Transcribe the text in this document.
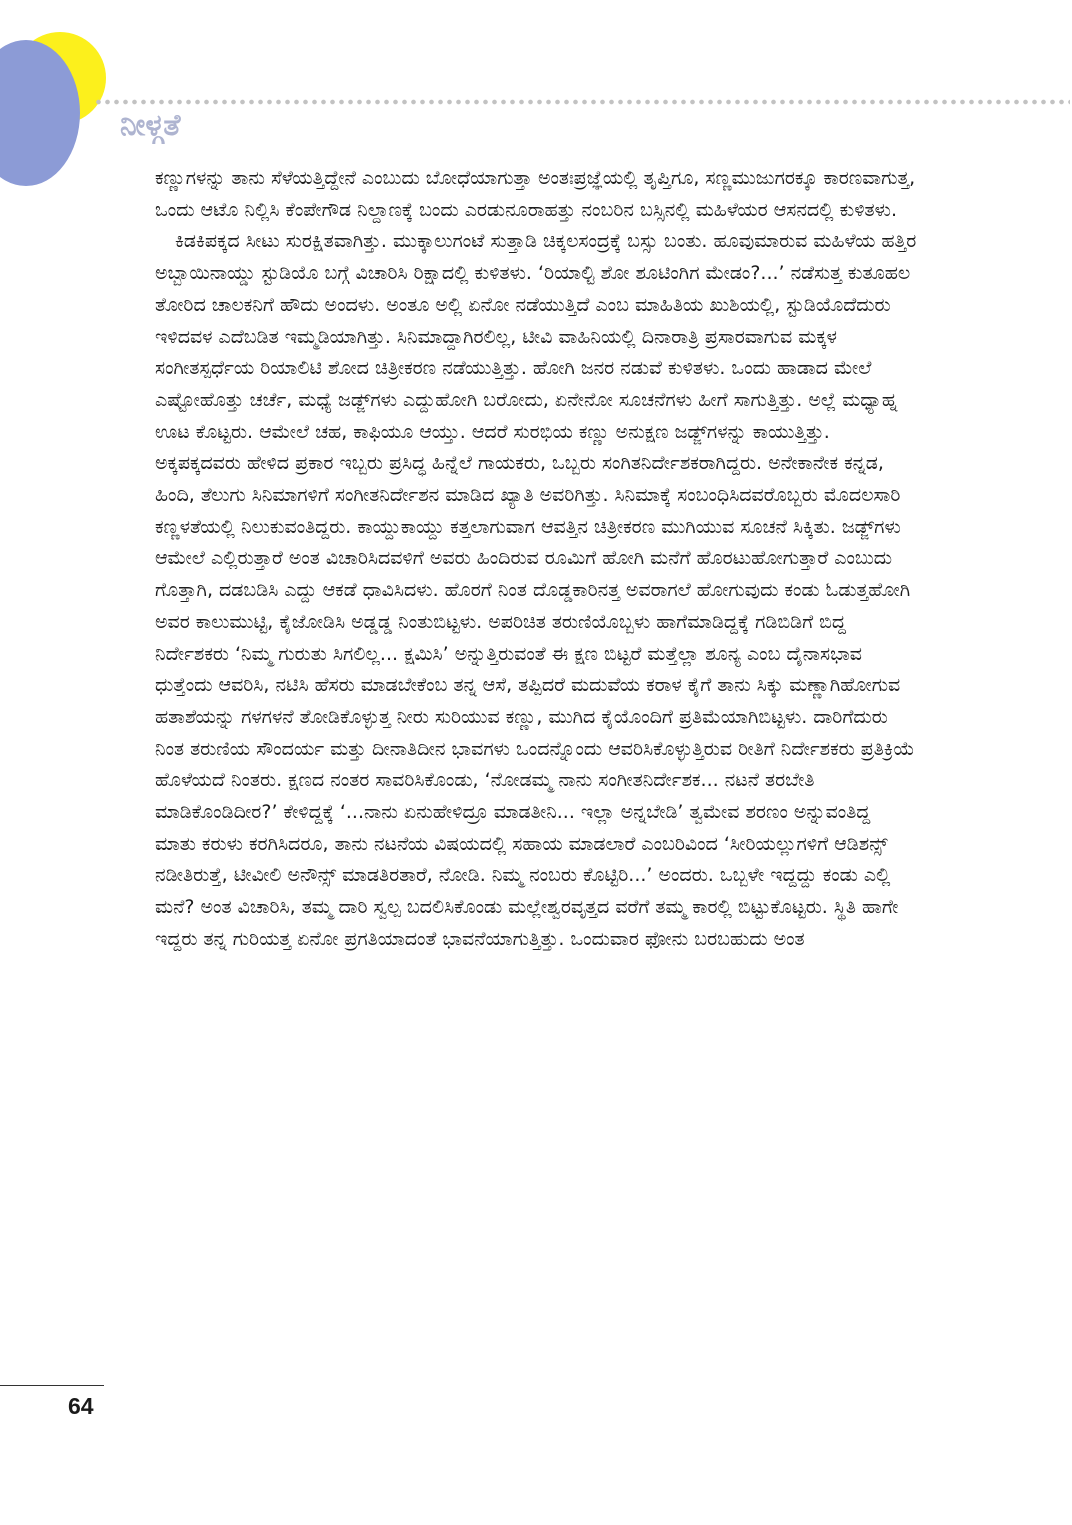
ನೀಳ್ಗತೆ

ಕಣ್ಣುಗಳನ್ನು ತಾನು ಸೆಳೆಯತ್ತಿದ್ದೇನೆ ಎಂಬುದು ಬೋಧೆಯಾಗುತ್ತಾ ಅಂತಃಪ್ರಜ್ಞೆಯಲ್ಲಿ ತೃಪ್ತಿಗೂ, ಸಣ್ಣಮುಜುಗರಕ್ಕೂ ಕಾರಣವಾಗುತ್ತ, ಒಂದು ಆಟೊ ನಿಲ್ಲಿಸಿ ಕೆಂಪೇಗೌಡ ನಿಲ್ದಾಣಕ್ಕೆ ಬಂದು ಎರಡುನೂರಾಹತ್ತು ನಂಬರಿನ ಬಸ್ಸಿನಲ್ಲಿ ಮಹಿಳೆಯರ ಆಸನದಲ್ಲಿ ಕುಳಿತಳು.

ಕಿಡಕಿಪಕ್ಕದ ಸೀಟು ಸುರಕ್ಷಿತವಾಗಿತ್ತು. ಮುಕ್ಕಾಲುಗಂಟೆ ಸುತ್ತಾಡಿ ಚಿಕ್ಕಲಸಂದ್ರಕ್ಕೆ ಬಸ್ಸು ಬಂತು. ಹೂವುಮಾರುವ ಮಹಿಳೆಯ ಹತ್ತಿರ ಅಬ್ಬಾಯಿನಾಯ್ಡು ಸ್ಟುಡಿಯೊ ಬಗ್ಗೆ ವಿಚಾರಿಸಿ ರಿಕ್ಷಾದಲ್ಲಿ ಕುಳಿತಳು. ‘ರಿಯಾಲ್ಟಿ ಶೋ ಶೂಟಿಂಗಿಗ ಮೇಡಂ?...’ ನಡೆಸುತ್ತ ಕುತೂಹಲ ತೋರಿದ ಚಾಲಕನಿಗೆ ಹೌದು ಅಂದಳು. ಅಂತೂ ಅಲ್ಲಿ ಏನೋ ನಡೆಯುತ್ತಿದೆ ಎಂಬ ಮಾಹಿತಿಯ ಖುಶಿಯಲ್ಲಿ, ಸ್ಟುಡಿಯೊದೆದುರು ಇಳಿದವಳ ಎದೆಬಡಿತ ಇಮ್ಮಡಿಯಾಗಿತ್ತು. ಸಿನಿಮಾದ್ದಾಗಿರಲಿಲ್ಲ, ಟೀವಿ ವಾಹಿನಿಯಲ್ಲಿ ದಿನಾರಾತ್ರಿ ಪ್ರಸಾರವಾಗುವ ಮಕ್ಕಳ ಸಂಗೀತಸ್ಪರ್ಧೆಯ ರಿಯಾಲಿಟಿ ಶೋದ ಚಿತ್ರೀಕರಣ ನಡೆಯುತ್ತಿತ್ತು. ಹೋಗಿ ಜನರ ನಡುವೆ ಕುಳಿತಳು. ಒಂದು ಹಾಡಾದ ಮೇಲೆ ಎಷ್ಟೋಹೊತ್ತು ಚರ್ಚೆ, ಮಧ್ಯೆ ಜಡ್ಜ್‌ಗಳು ಎದ್ದುಹೋಗಿ ಬರೋದು, ಏನೇನೋ ಸೂಚನೆಗಳು ಹೀಗೆ ಸಾಗುತ್ತಿತ್ತು. ಅಲ್ಲೆ ಮಧ್ಯಾಹ್ನ ಊಟ ಕೊಟ್ಟರು. ಆಮೇಲೆ ಚಹ, ಕಾಫಿಯೂ ಆಯ್ತು. ಆದರೆ ಸುರಭಿಯ ಕಣ್ಣು ಅನುಕ್ಷಣ ಜಡ್ಜ್‌ಗಳನ್ನು ಕಾಯುತ್ತಿತ್ತು. ಅಕ್ಕಪಕ್ಕದವರು ಹೇಳಿದ ಪ್ರಕಾರ ಇಬ್ಬರು ಪ್ರಸಿದ್ಧ ಹಿನ್ನೆಲೆ ಗಾಯಕರು, ಒಬ್ಬರು ಸಂಗಿತನಿರ್ದೇಶಕರಾಗಿದ್ದರು. ಅನೇಕಾನೇಕ ಕನ್ನಡ, ಹಿಂದಿ, ತೆಲುಗು ಸಿನಿಮಾಗಳಿಗೆ ಸಂಗೀತನಿರ್ದೇಶನ ಮಾಡಿದ ಖ್ಯಾತಿ ಅವರಿಗಿತ್ತು. ಸಿನಿಮಾಕ್ಕೆ ಸಂಬಂಧಿಸಿದವರೊಬ್ಬರು ಮೊದಲಸಾರಿ ಕಣ್ಣಳತೆಯಲ್ಲಿ ನಿಲುಕುವಂತಿದ್ದರು. ಕಾಯ್ದುಕಾಯ್ದು ಕತ್ತಲಾಗುವಾಗ ಆವತ್ತಿನ ಚಿತ್ರೀಕರಣ ಮುಗಿಯುವ ಸೂಚನೆ ಸಿಕ್ಕಿತು. ಜಡ್ಜ್‌ಗಳು ಆಮೇಲೆ ಎಲ್ಲಿರುತ್ತಾರೆ ಅಂತ ವಿಚಾರಿಸಿದವಳಿಗೆ ಅವರು ಹಿಂದಿರುವ ರೂಮಿಗೆ ಹೋಗಿ ಮನೆಗೆ ಹೊರಟುಹೋಗುತ್ತಾರೆ ಎಂಬುದು ಗೊತ್ತಾಗಿ, ದಡಬಡಿಸಿ ಎದ್ದು ಆಕಡೆ ಧಾವಿಸಿದಳು. ಹೊರಗೆ ನಿಂತ ದೊಡ್ಡಕಾರಿನತ್ತ ಅವರಾಗಲೆ ಹೋಗುವುದು ಕಂಡು ಓಡುತ್ತಹೋಗಿ ಅವರ ಕಾಲುಮುಟ್ಟಿ, ಕೈಜೋಡಿಸಿ ಅಡ್ಡಡ್ಡ ನಿಂತುಬಿಟ್ಟಳು. ಅಪರಿಚಿತ ತರುಣಿಯೊಬ್ಬಳು ಹಾಗೆಮಾಡಿದ್ದಕ್ಕೆ ಗಡಿಬಿಡಿಗೆ ಬಿದ್ದ ನಿರ್ದೇಶಕರು ‘ನಿಮ್ಮ ಗುರುತು ಸಿಗಲಿಲ್ಲ... ಕ್ಷಮಿಸಿ’ ಅನ್ನುತ್ತಿರುವಂತೆ ಈ ಕ್ಷಣ ಬಿಟ್ಟರೆ ಮತ್ತೆಲ್ಲಾ ಶೂನ್ಯ ಎಂಬ ದೈನಾಸಭಾವ ಧುತ್ತೆಂದು ಆವರಿಸಿ, ನಟಿಸಿ ಹೆಸರು ಮಾಡಬೇಕೆಂಬ ತನ್ನ ಆಸೆ, ತಪ್ಪಿದರೆ ಮದುವೆಯ ಕರಾಳ ಕೈಗೆ ತಾನು ಸಿಕ್ಕು ಮಣ್ಣಾಗಿಹೋಗುವ ಹತಾಶೆಯನ್ನು ಗಳಗಳನೆ ತೋಡಿಕೊಳ್ಳುತ್ತ ನೀರು ಸುರಿಯುವ ಕಣ್ಣು, ಮುಗಿದ ಕೈಯೊಂದಿಗೆ ಪ್ರತಿಮೆಯಾಗಿಬಿಟ್ಟಳು. ದಾರಿಗೆದುರು ನಿಂತ ತರುಣಿಯ ಸೌಂದರ್ಯ ಮತ್ತು ದೀನಾತಿದೀನ ಭಾವಗಳು ಒಂದನ್ನೊಂದು ಆವರಿಸಿಕೊಳ್ಳುತ್ತಿರುವ ರೀತಿಗೆ ನಿರ್ದೇಶಕರು ಪ್ರತಿಕ್ರಿಯೆ ಹೊಳೆಯದೆ ನಿಂತರು. ಕ್ಷಣದ ನಂತರ ಸಾವರಿಸಿಕೊಂಡು, ‘ನೋಡಮ್ಮ ನಾನು ಸಂಗೀತನಿರ್ದೇಶಕ... ನಟನೆ ತರಬೇತಿ ಮಾಡಿಕೊಂಡಿದೀರ?’ ಕೇಳಿದ್ದಕ್ಕೆ ‘...ನಾನು ಏನುಹೇಳಿದ್ರೂ ಮಾಡತೀನಿ... ಇಲ್ಲಾ ಅನ್ನಬೇಡಿ’ ತ್ವಮೇವ ಶರಣಂ ಅನ್ನುವಂತಿದ್ದ ಮಾತು ಕರುಳು ಕರಗಿಸಿದರೂ, ತಾನು ನಟನೆಯ ವಿಷಯದಲ್ಲಿ ಸಹಾಯ ಮಾಡಲಾರೆ ಎಂಬರಿವಿಂದ ‘ಸೀರಿಯಲ್ಲುಗಳಿಗೆ ಆಡಿಶನ್ಸ್ ನಡೀತಿರುತ್ತೆ, ಟೀವೀಲಿ ಅನೌನ್ಸ್ ಮಾಡತಿರತಾರೆ, ನೋಡಿ. ನಿಮ್ಮ ನಂಬರು ಕೊಟ್ಟಿರಿ...’ ಅಂದರು. ಒಬ್ಬಳೇ ಇದ್ದದ್ದು ಕಂಡು ಎಲ್ಲಿ ಮನೆ? ಅಂತ ವಿಚಾರಿಸಿ, ತಮ್ಮ ದಾರಿ ಸ್ವಲ್ಪ ಬದಲಿಸಿಕೊಂಡು ಮಲ್ಲೇಶ್ವರವೃತ್ತದ ವರೆಗೆ ತಮ್ಮ ಕಾರಲ್ಲಿ ಬಿಟ್ಟುಕೊಟ್ಟರು. ಸ್ಥಿತಿ ಹಾಗೇ ಇದ್ದರು ತನ್ನ ಗುರಿಯತ್ತ ಏನೋ ಪ್ರಗತಿಯಾದಂತೆ ಭಾವನೆಯಾಗುತ್ತಿತ್ತು. ಒಂದುವಾರ ಫೋನು ಬರಬಹುದು ಅಂತ

64
